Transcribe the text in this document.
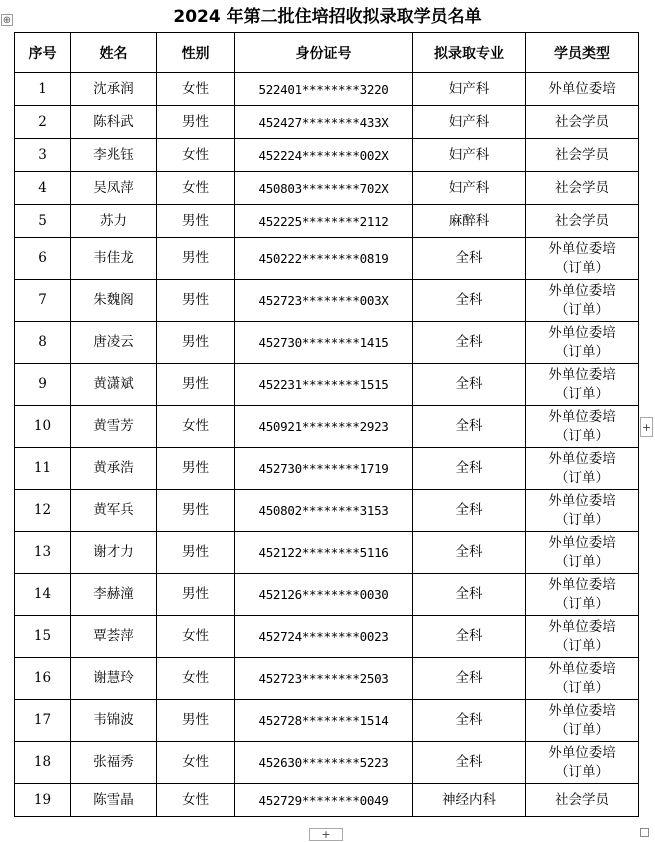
⊕	2024 年第二批住培招收拟录取学员名单
序号	姓名	性别	身份证号	拟录取专业	学员类型
1	沈承润	女性	522401********3220	妇产科	外单位委培

2	陈科武	男性	452427********433X	妇产科	社会学员

3	李兆钰	女性	452224********002X	妇产科	社会学员

4	吴凤萍	女性	450803********702X	妇产科	社会学员

5	苏力	男性	452225********2112	麻醉科	社会学员

6	韦佳龙	男性	450222********0819	全科	外单位委培
（订单）

7	朱魏阁	男性	452723********003X	全科	外单位委培
（订单）

8	唐凌云	男性	452730********1415	全科	外单位委培
（订单）

9	黄潇斌	男性	452231********1515	全科	外单位委培
（订单）

10	黄雪芳	女性	450921********2923	全科	外单位委培
（订单）

11	黄承浩	男性	452730********1719	全科	外单位委培
（订单）

12	黄军兵	男性	450802********3153	全科	外单位委培
（订单）

13	谢才力	男性	452122********5116	全科	外单位委培
（订单）

14	李赫潼	男性	452126********0030	全科	外单位委培
（订单）

15	覃荟萍	女性	452724********0023	全科	外单位委培
（订单）

16	谢慧玲	女性	452723********2503	全科	外单位委培
（订单）

17	韦锦波	男性	452728********1514	全科	外单位委培
（订单）

18	张福秀	女性	452630********5223	全科	外单位委培
（订单）

19	陈雪晶	女性	452729********0049	神经内科	社会学员
+
+
